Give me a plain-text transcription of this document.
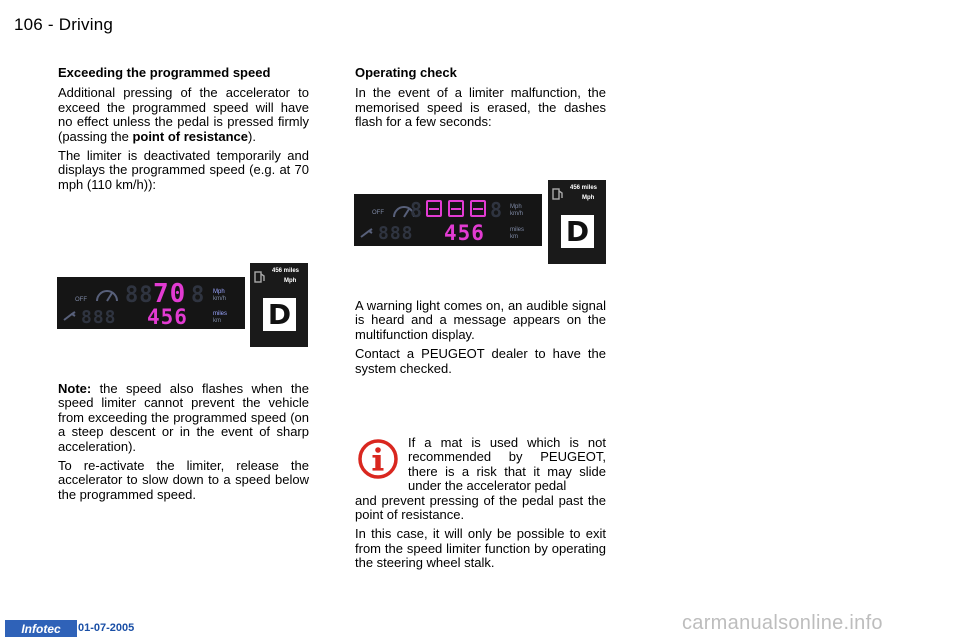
106 - Driving
Exceeding the programmed speed

Additional pressing of the accelerator to exceed the programmed speed will have no effect unless the pedal is pressed firmly (passing the point of resistance).

The limiter is deactivated temporarily and displays the programmed speed (e.g. at 70 mph (110 km/h)):

OFF 88 70 8 Mph
km/h
888 456	miles
km
456 miles
Mph
D

Note: the speed also flashes when the speed limiter cannot prevent the vehicle from exceeding the programmed speed (on a steep descent or in the event of sharp acceleration).

To re-activate the limiter, release the accelerator to slow down to a speed below the programmed speed.

Operating check

In the event of a limiter malfunction, the memorised speed is erased, the dashes flash for a few seconds:

OFF 8	8 Mph
km/h
888 456	miles
km
456 miles
Mph
D

A warning light comes on, an audible signal is heard and a message appears on the multifunction display.

Contact a PEUGEOT dealer to have the system checked.

If a mat is used which is not recommended by PEUGEOT, there is a risk that it may slide under the accelerator pedal

and prevent pressing of the pedal past the point of resistance.

In this case, it will only be possible to exit from the speed limiter function by operating the steering wheel stalk.

Infotec	01-07-2005	carmanualsonline.info
